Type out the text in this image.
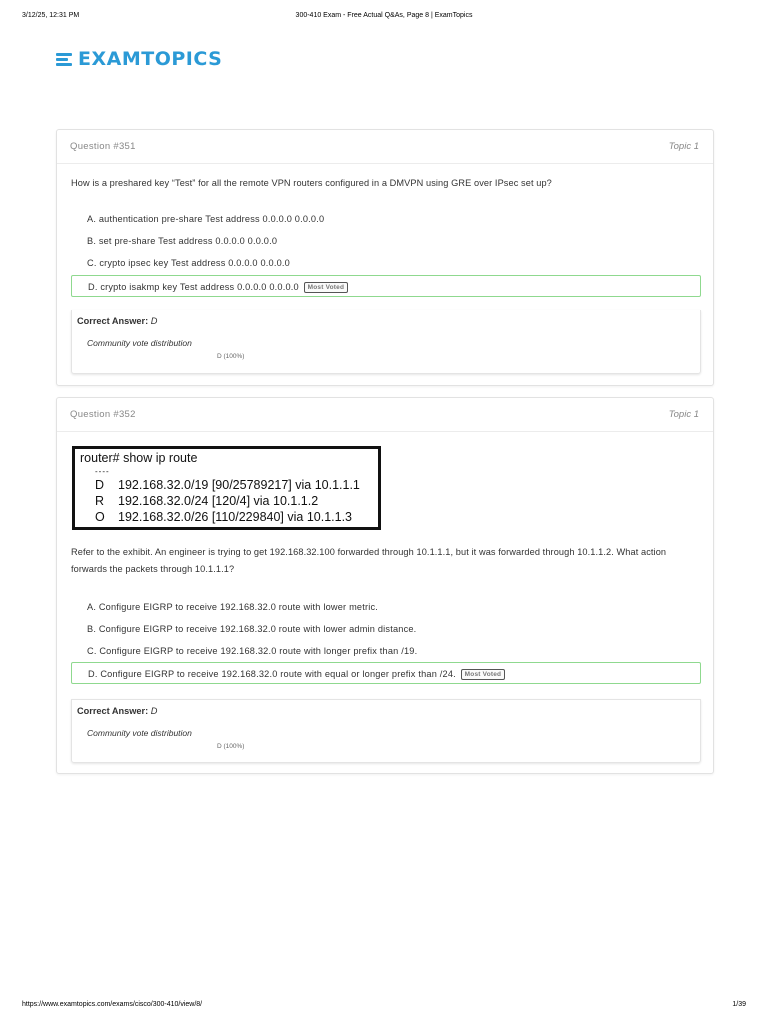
3/12/25, 12:31 PM	300-410 Exam - Free Actual Q&As, Page 8 | ExamTopics
EXAMTOPICS
Question #351	Topic 1
How is a preshared key “Test” for all the remote VPN routers configured in a DMVPN using GRE over IPsec set up?
A. authentication pre-share Test address 0.0.0.0 0.0.0.0
B. set pre-share Test address 0.0.0.0 0.0.0.0
C. crypto ipsec key Test address 0.0.0.0 0.0.0.0
D. crypto isakmp key Test address 0.0.0.0 0.0.0.0 Most Voted
Correct Answer: D
Community vote distribution
D (100%)
Question #352	Topic 1
router# show ip route
----
D 192.168.32.0/19 [90/25789217] via 10.1.1.1
R 192.168.32.0/24 [120/4] via 10.1.1.2
O 192.168.32.0/26 [110/229840] via 10.1.1.3
Refer to the exhibit. An engineer is trying to get 192.168.32.100 forwarded through 10.1.1.1, but it was forwarded through 10.1.1.2. What action
forwards the packets through 10.1.1.1?
A. Configure EIGRP to receive 192.168.32.0 route with lower metric.
B. Configure EIGRP to receive 192.168.32.0 route with lower admin distance.
C. Configure EIGRP to receive 192.168.32.0 route with longer prefix than /19.
D. Configure EIGRP to receive 192.168.32.0 route with equal or longer prefix than /24. Most Voted
Correct Answer: D
Community vote distribution
D (100%)
https://www.examtopics.com/exams/cisco/300-410/view/8/	1/39
